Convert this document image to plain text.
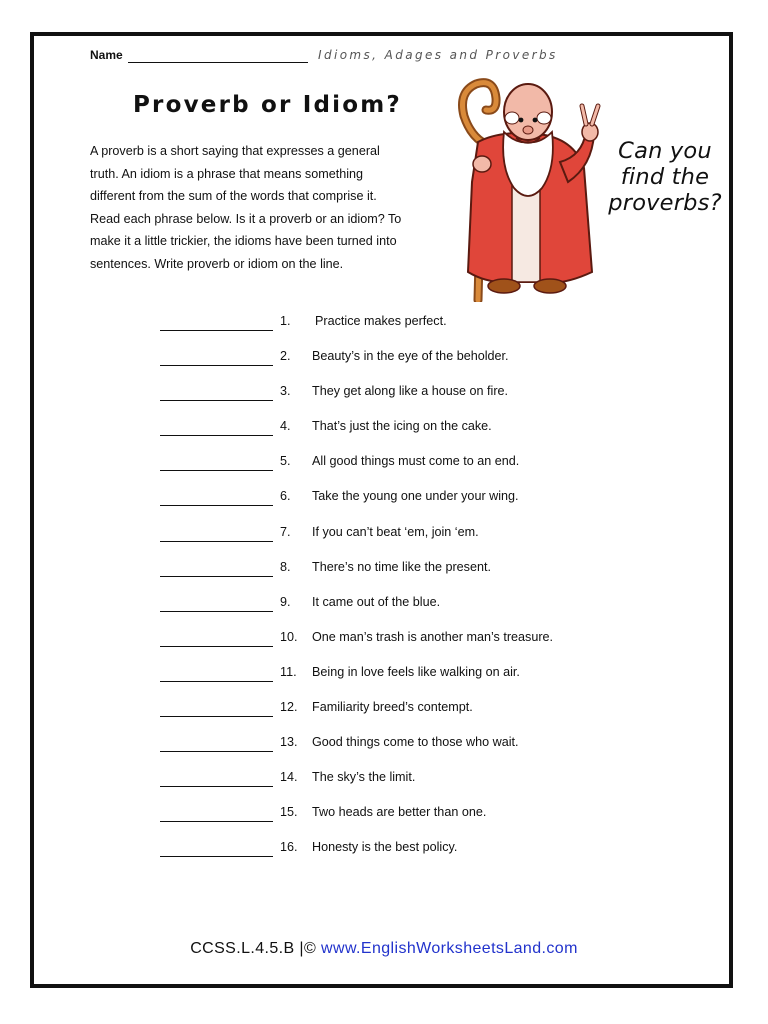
Name	Idioms, Adages and Proverbs
Proverb or Idiom?
A proverb is a short saying that expresses a general
truth. An idiom is a phrase that means something
different from the sum of the words that comprise it.
Read each phrase below. Is it a proverb or an idiom? To
make it a little trickier, the idioms have been turned into
sentences. Write proverb or idiom on the line.
Can you
find the
proverbs?
1.	Practice makes perfect.
2.	Beauty’s in the eye of the beholder.
3.	They get along like a house on fire.
4.	That’s just the icing on the cake.
5.	All good things must come to an end.
6.	Take the young one under your wing.
7.	If you can’t beat ‘em, join ‘em.
8.	There’s no time like the present.
9.	It came out of the blue.
10.	One man’s trash is another man’s treasure.
11.	Being in love feels like walking on air.
12.	Familiarity breed’s contempt.
13.	Good things come to those who wait.
14.	The sky’s the limit.
15.	Two heads are better than one.
16.	Honesty is the best policy.
CCSS.L.4.5.B |© www.EnglishWorksheetsLand.com
